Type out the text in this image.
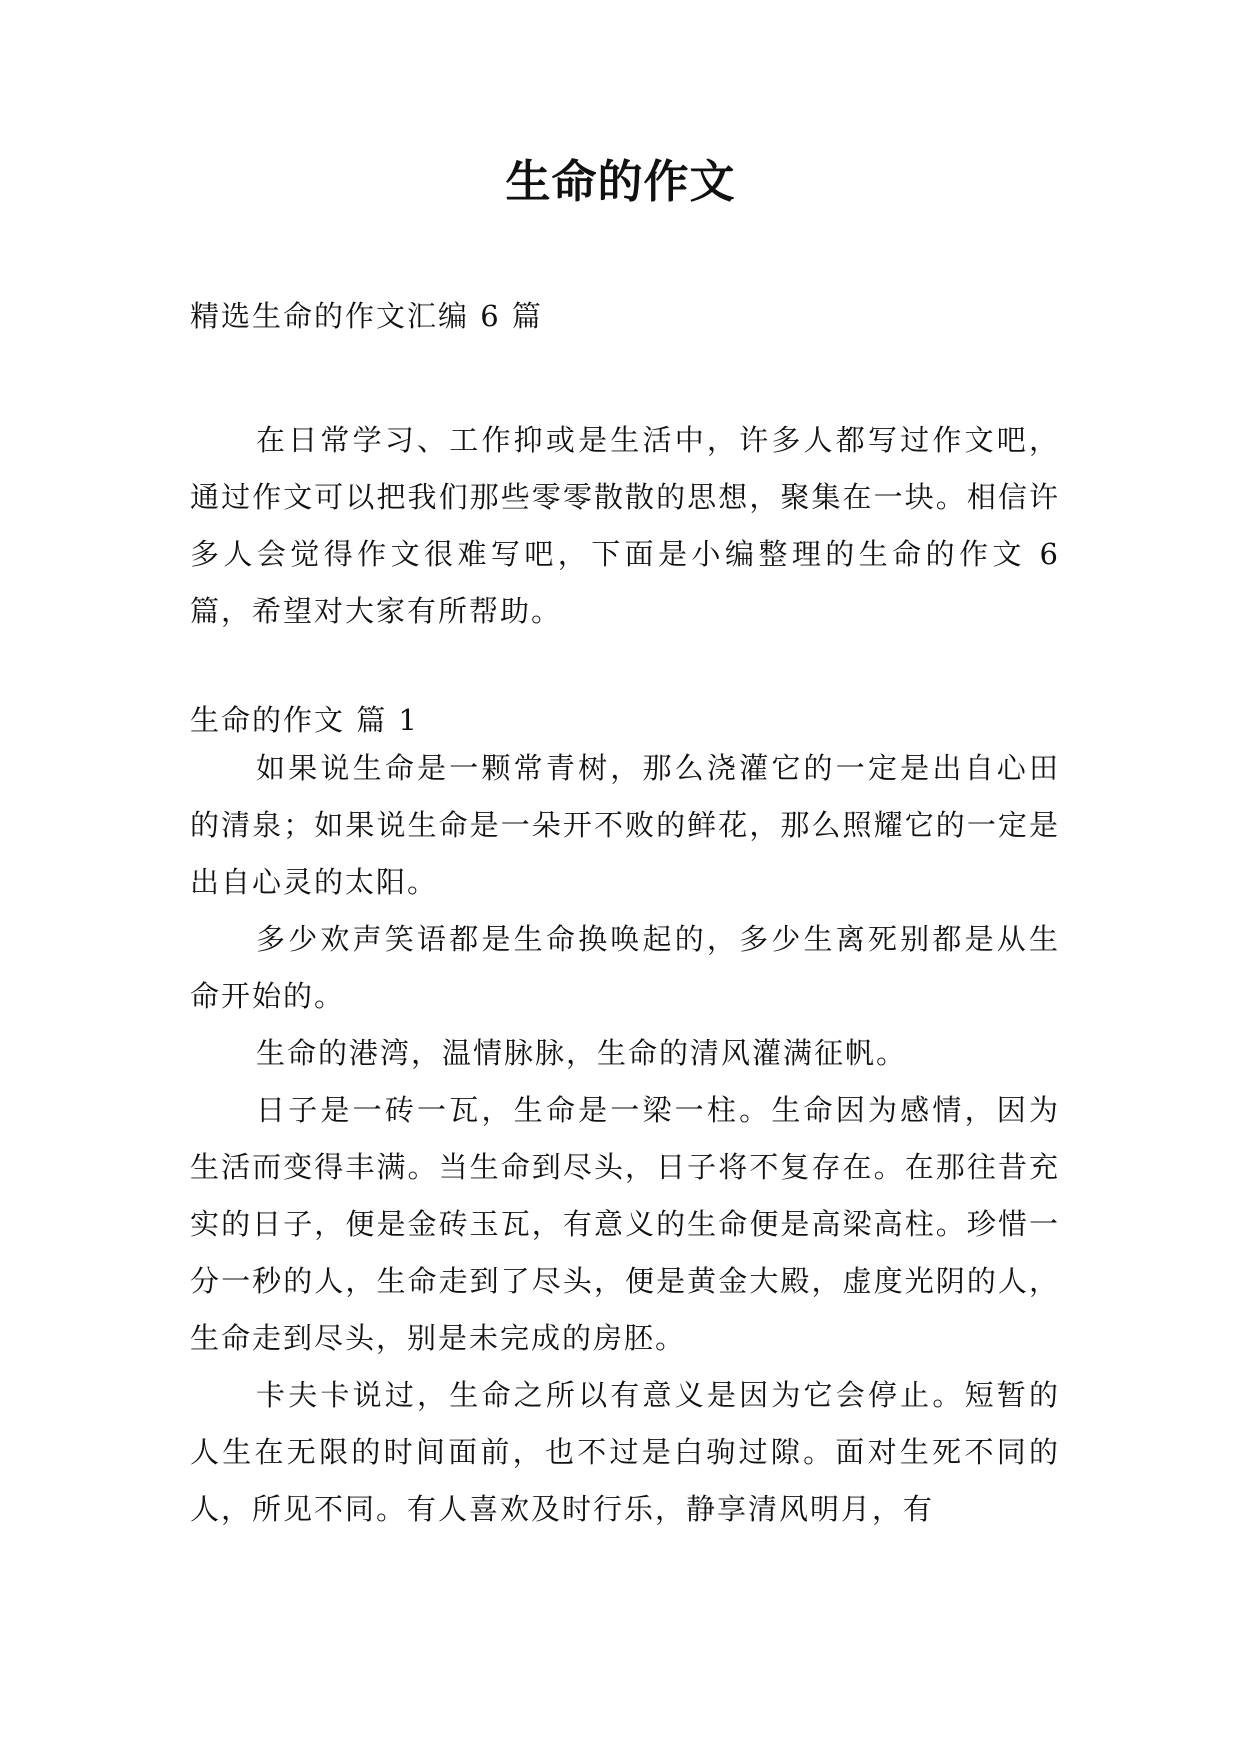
生命的作文
精选生命的作文汇编 6 篇

在日常学习、工作抑或是生活中，许多人都写过作文吧，通过作文可以把我们那些零零散散的思想，聚集在一块。相信许多人会觉得作文很难写吧，下面是小编整理的生命的作文 6 篇，希望对大家有所帮助。

生命的作文 篇 1

如果说生命是一颗常青树，那么浇灌它的一定是出自心田的清泉；如果说生命是一朵开不败的鲜花，那么照耀它的一定是出自心灵的太阳。

多少欢声笑语都是生命换唤起的，多少生离死别都是从生命开始的。

生命的港湾，温情脉脉，生命的清风灌满征帆。

日子是一砖一瓦，生命是一梁一柱。生命因为感情，因为生活而变得丰满。当生命到尽头，日子将不复存在。在那往昔充实的日子，便是金砖玉瓦，有意义的生命便是高梁高柱。珍惜一分一秒的人，生命走到了尽头，便是黄金大殿，虚度光阴的人，生命走到尽头，别是未完成的房胚。

卡夫卡说过，生命之所以有意义是因为它会停止。短暂的人生在无限的时间面前，也不过是白驹过隙。面对生死不同的人，所见不同。有人喜欢及时行乐，静享清风明月，有
